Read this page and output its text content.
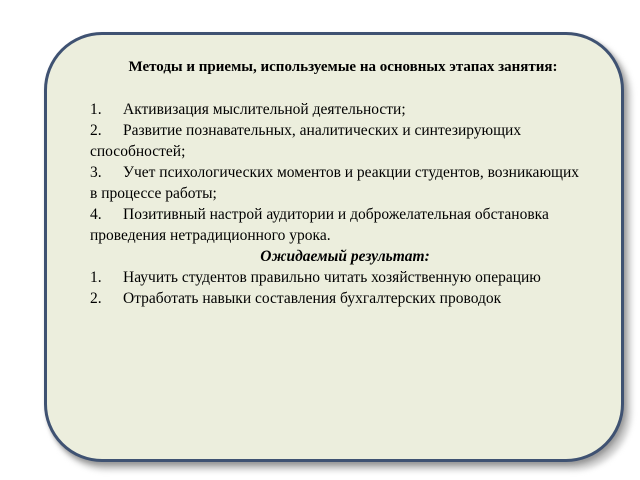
Методы и приемы, используемые на основных этапах занятия:

1. Активизация мыслительной деятельности;
2. Развитие познавательных, аналитических и синтезирующих способностей;
3. Учет психологических моментов и реакции студентов, возникающих в процессе работы;
4. Позитивный настрой аудитории и доброжелательная обстановка проведения нетрадиционного урока.

Ожидаемый результат:

1. Научить студентов правильно читать хозяйственную операцию
2. Отработать навыки составления бухгалтерских проводок
